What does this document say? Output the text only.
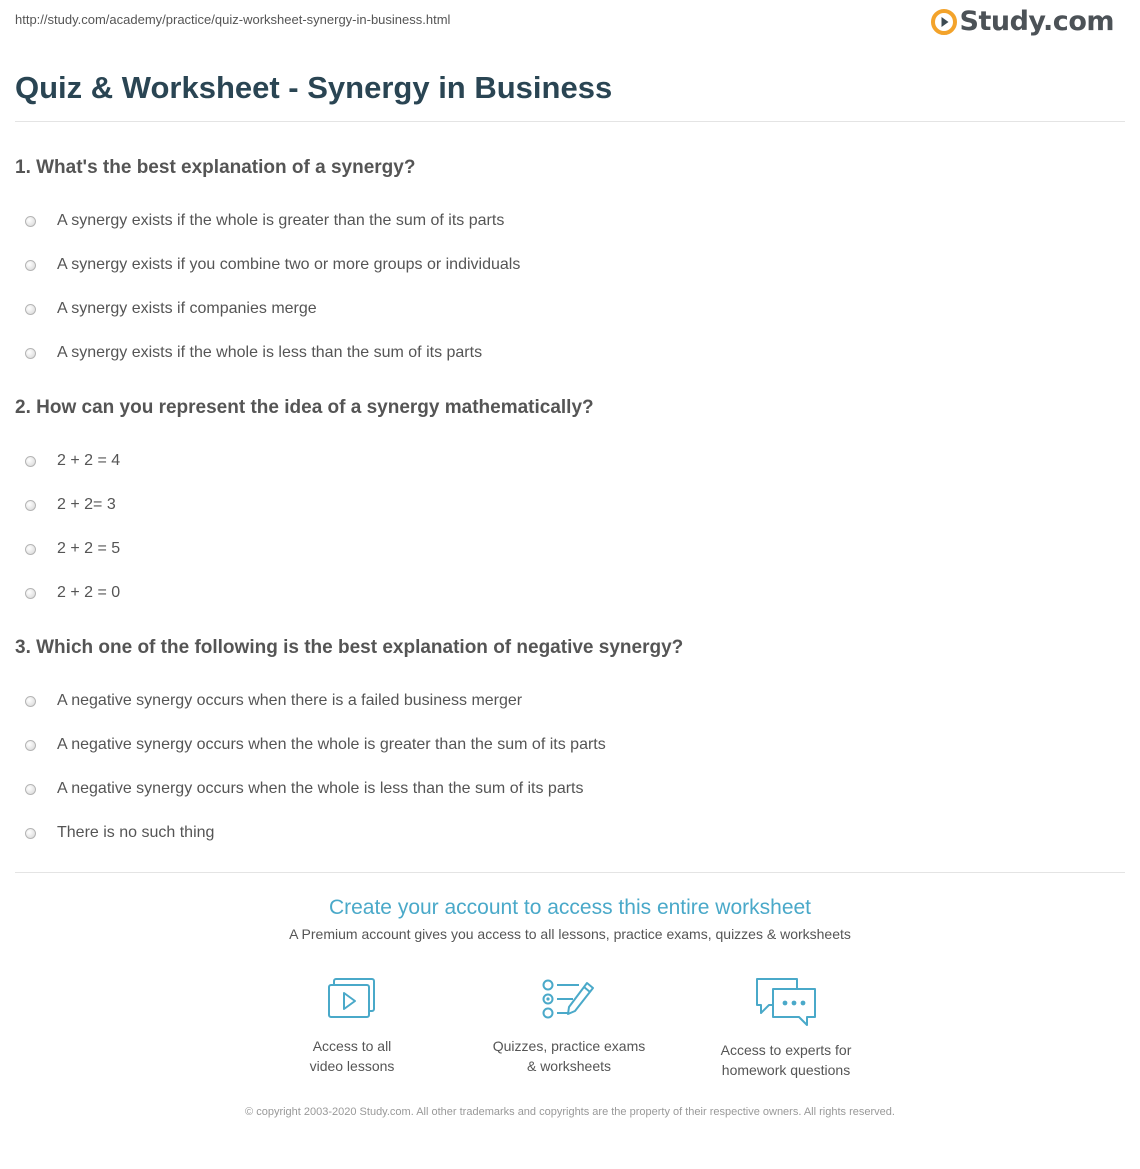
http://study.com/academy/practice/quiz-worksheet-synergy-in-business.html	Study.com
Quiz & Worksheet - Synergy in Business
1. What's the best explanation of a synergy?
A synergy exists if the whole is greater than the sum of its parts
A synergy exists if you combine two or more groups or individuals
A synergy exists if companies merge
A synergy exists if the whole is less than the sum of its parts
2. How can you represent the idea of a synergy mathematically?
2 + 2 = 4
2 + 2= 3
2 + 2 = 5
2 + 2 = 0
3. Which one of the following is the best explanation of negative synergy?
A negative synergy occurs when there is a failed business merger
A negative synergy occurs when the whole is greater than the sum of its parts
A negative synergy occurs when the whole is less than the sum of its parts
There is no such thing
Create your account to access this entire worksheet
A Premium account gives you access to all lessons, practice exams, quizzes & worksheets
Access to all
video lessons
Quizzes, practice exams
& worksheets
Access to experts for
homework questions
© copyright 2003-2020 Study.com. All other trademarks and copyrights are the property of their respective owners. All rights reserved.
